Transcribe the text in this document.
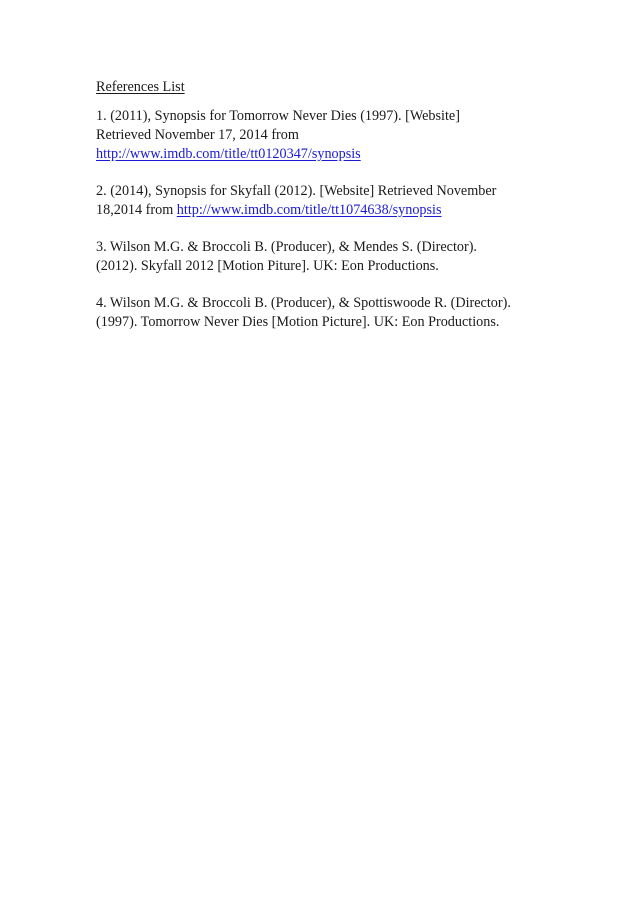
References List
1. (2011), Synopsis for Tomorrow Never Dies (1997). [Website]
Retrieved November 17, 2014 from
http://www.imdb.com/title/tt0120347/synopsis
2. (2014), Synopsis for Skyfall (2012). [Website] Retrieved November
18,2014 from http://www.imdb.com/title/tt1074638/synopsis
3. Wilson M.G. & Broccoli B. (Producer), & Mendes S. (Director).
(2012). Skyfall 2012 [Motion Piture]. UK: Eon Productions.
4. Wilson M.G. & Broccoli B. (Producer), & Spottiswoode R. (Director).
(1997). Tomorrow Never Dies [Motion Picture]. UK: Eon Productions.
